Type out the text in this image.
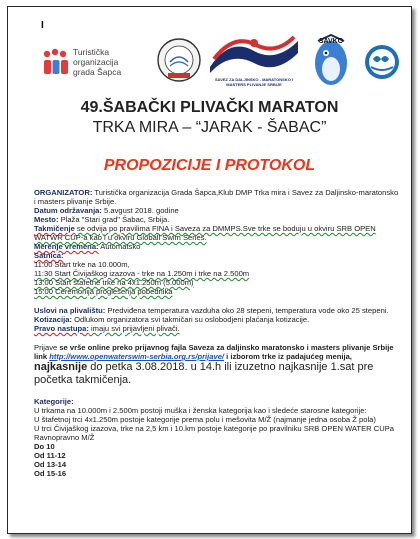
I
Turistička
organizacija
grada Šapca
SAVEZ ZA DALJINSKO - MARATONSKO I MASTERS PLIVANJE SRBIJE
SAVKO
49.ŠABAČKI PLIVAČKI MARATON
TRKA MIRA – “JARAK - ŠABAC”
PROPOZICIJE I PROTOKOL

ORGANIZATOR: Turistička organizacija Grada Šapca,Klub DMP Trka mira i Savez za Daljinsko-maratonsko i masters plivanje Srbije.

Datum održavanja: 5.avgust 2018. godine

Mesto: Plaža "Stari grad" Šabac, Srbija.

Takmičenje se odvija po pravilima FINA i Saveza za DMMPS.Sve trke se boduju u okviru SRB OPEN WATWR CUP-a kao i u okviru Globall Swim Series.

Merenje vremena: Automatsko

Satnica:

11:00 Start trke na 10.000m,

11:30 Start Čivijaškog izazova - trke na 1.250m i trke na 2.500m

13:00 Start štafetne trke na 4x1.250m (5.000m)

15:00 Ceremonija proglešenja pobednika

Uslovi na plivalištu: Predviđena temperatura vazduha oko 28 stepeni, temperatura vode oko 25 stepeni.

Kotizacija: Odlukom organizatora svi takmičari su oslobodjeni plaćanja kotizacije.

Pravo nastupa: imaju svi prijavljeni plivači.

Prijave se vrše online preko prijavnog fajla Saveza za daljinsko maratonsko i masters plivanje Srbije link http://www.openwaterswim-serbia.org.rs/prijave/ i izborom trke iz padajućeg menija, najkasnije do petka 3.08.2018. u 14.h ili izuzetno najkasnije 1.sat pre početka takmičenja.

Kategorije:

U trkama na 10.000m i 2.500m postoji muška i ženska kategorija kao i sledeće starosne kategorije:

U štafetnoj trci 4x1.250m postoje kategorije prema polu i mešovita M/Ž (najmanje jedna osoba Ž pola)

U trci Čivijaškog izazova, trke na 2,5 km i 10.km postoje kategorije po pravilniku SRB OPEN WATER CUPa

Ravnopravno M/Ž

Do 10

Od 11-12

Od 13-14

Od 15-16
